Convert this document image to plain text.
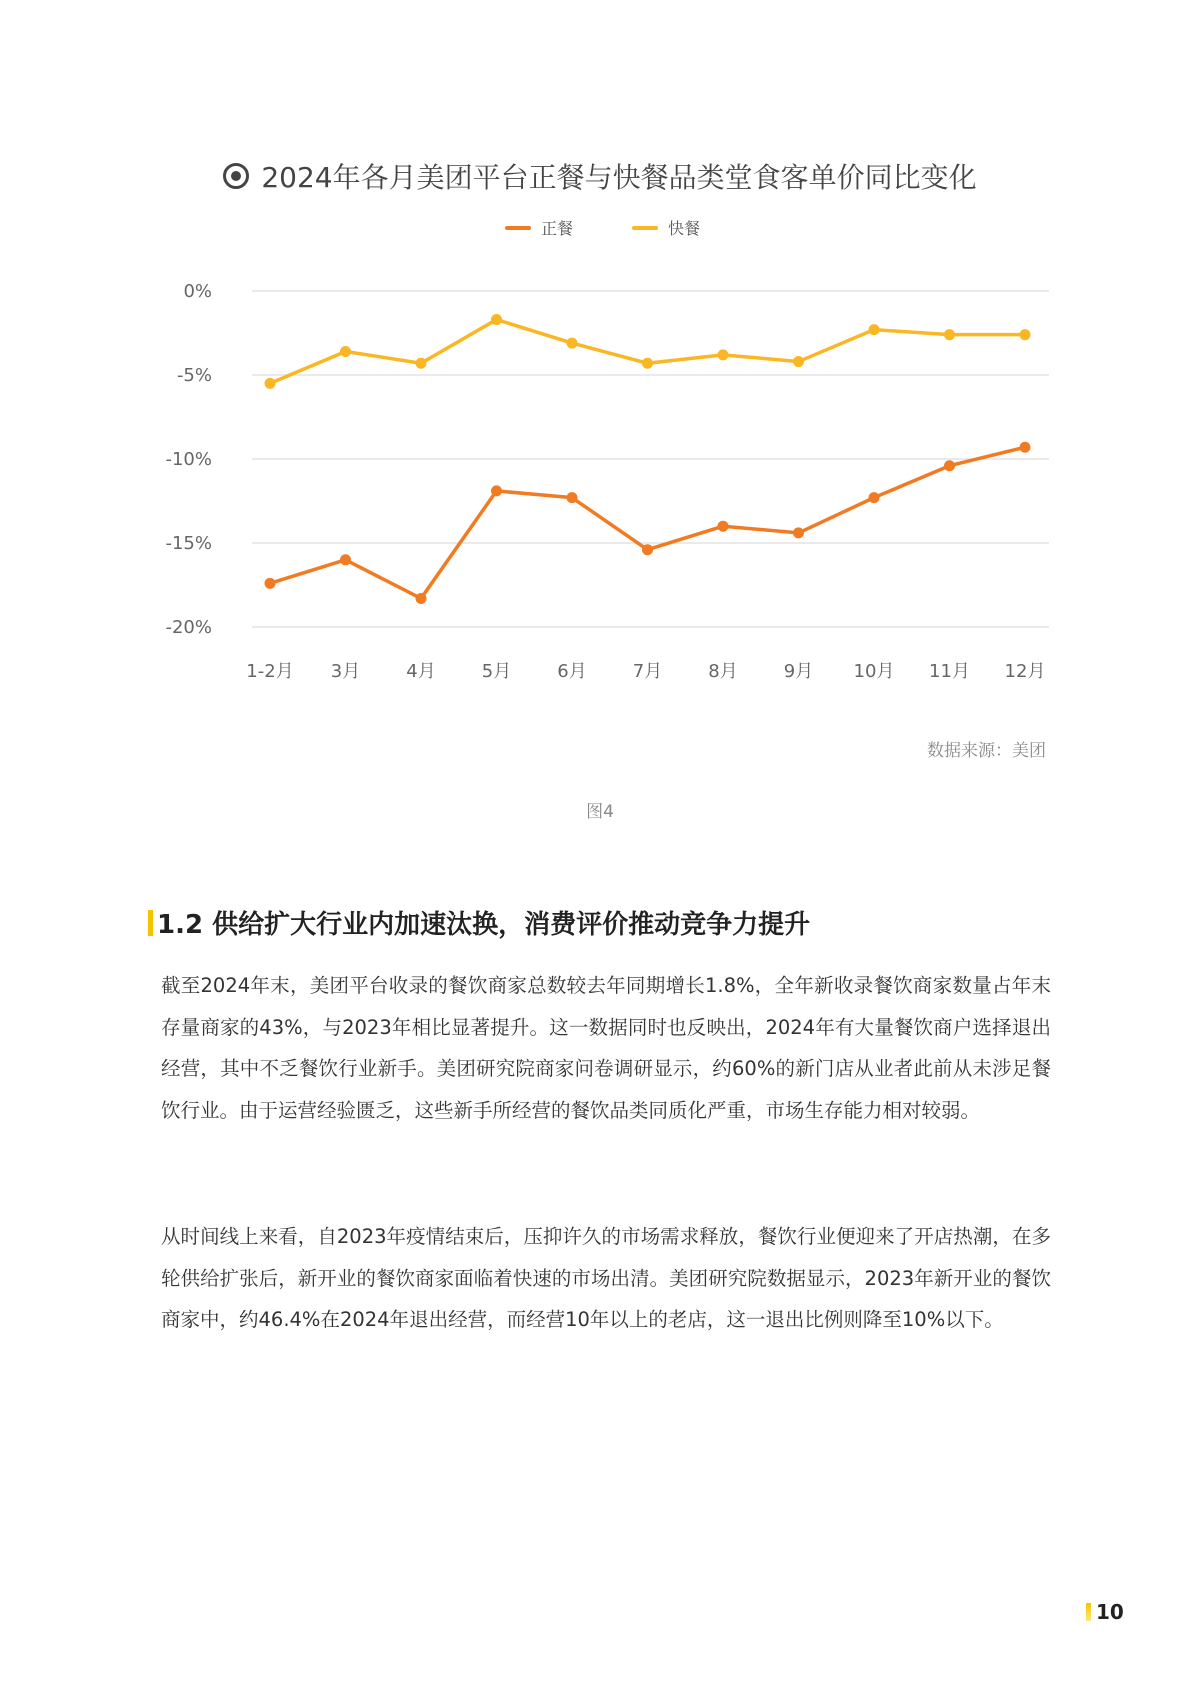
2024年各月美团平台正餐与快餐品类堂食客单价同比变化
正餐	快餐
0%
-5%
-10%
-15%
-20%
1-2月 3月	4月	5月	6月	7月	8月	9月 10月 11月 12月
数据来源：美团
图4
1.2 供给扩大行业内加速汰换，消费评价推动竞争力提升
截至2024年末，美团平台收录的餐饮商家总数较去年同期增长1.8%，全年新收录餐饮商家数量占年末存量商家的43%，与2023年相比显著提升。这一数据同时也反映出，2024年有大量餐饮商户选择退出经营，其中不乏餐饮行业新手。美团研究院商家问卷调研显示，约60%的新门店从业者此前从未涉足餐饮行业。由于运营经验匮乏，这些新手所经营的餐饮品类同质化严重，市场生存能力相对较弱。
从时间线上来看，自2023年疫情结束后，压抑许久的市场需求释放，餐饮行业便迎来了开店热潮，在多轮供给扩张后，新开业的餐饮商家面临着快速的市场出清。美团研究院数据显示，2023年新开业的餐饮商家中，约46.4%在2024年退出经营，而经营10年以上的老店，这一退出比例则降至10%以下。
10
